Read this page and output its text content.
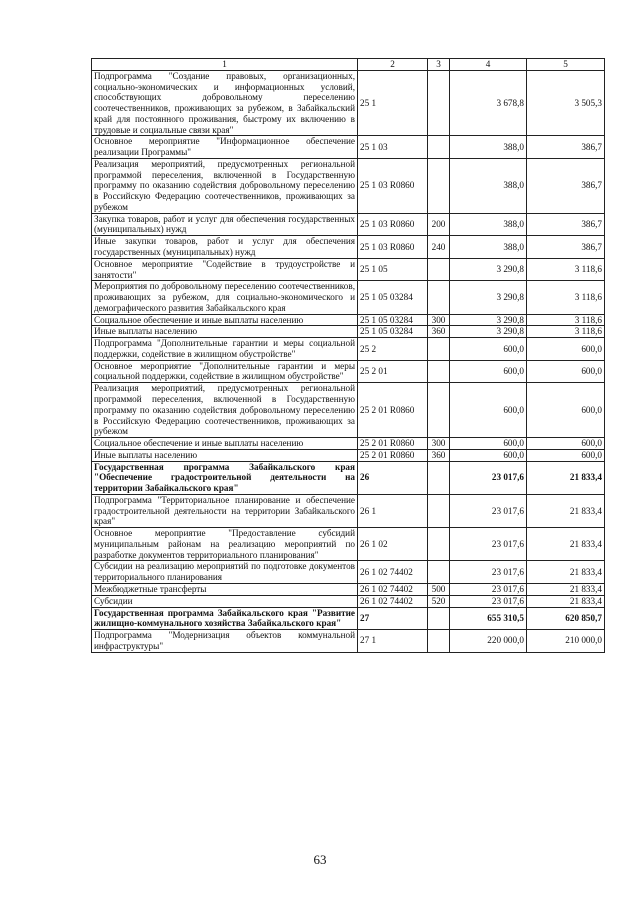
1	2	3	4	5
Подпрограмма "Создание правовых, организационных, социально-экономических и информационных условий, способствующих добровольному переселению соотечественников, проживающих за рубежом, в Забайкальский край для постоянного проживания, быстрому их включению в трудовые и социальные связи края"	25 1		3 678,8	3 505,3
Основное мероприятие "Информационное обеспечение реализации Программы"	25 1 03		388,0	386,7
Реализация мероприятий, предусмотренных региональной программой переселения, включенной в Государственную программу по оказанию содействия добровольному переселению в Российскую Федерацию соотечественников, проживающих за рубежом	25 1 03 R0860		388,0	386,7
Закупка товаров, работ и услуг для обеспечения государственных (муниципальных) нужд	25 1 03 R0860	200	388,0	386,7
Иные закупки товаров, работ и услуг для обеспечения государственных (муниципальных) нужд	25 1 03 R0860	240	388,0	386,7
Основное мероприятие "Содействие в трудоустройстве и занятости"	25 1 05		3 290,8	3 118,6
Мероприятия по добровольному переселению соотечественников, проживающих за рубежом, для социально-экономического и демографического развития Забайкальского края	25 1 05 03284		3 290,8	3 118,6
Социальное обеспечение и иные выплаты населению	25 1 05 03284	300	3 290,8	3 118,6
Иные выплаты населению	25 1 05 03284	360	3 290,8	3 118,6
Подпрограмма "Дополнительные гарантии и меры социальной поддержки, содействие в жилищном обустройстве"	25 2		600,0	600,0
Основное мероприятие "Дополнительные гарантии и меры социальной поддержки, содействие в жилищном обустройстве"	25 2 01		600,0	600,0
Реализация мероприятий, предусмотренных региональной программой переселения, включенной в Государственную программу по оказанию содействия добровольному переселению в Российскую Федерацию соотечественников, проживающих за рубежом	25 2 01 R0860		600,0	600,0
Социальное обеспечение и иные выплаты населению	25 2 01 R0860	300	600,0	600,0
Иные выплаты населению	25 2 01 R0860	360	600,0	600,0
Государственная программа Забайкальского края "Обеспечение градостроительной деятельности на территории Забайкальского края"	26		23 017,6	21 833,4
Подпрограмма "Территориальное планирование и обеспечение градостроительной деятельности на территории Забайкальского края"	26 1		23 017,6	21 833,4
Основное мероприятие "Предоставление субсидий муниципальным районам на реализацию мероприятий по разработке документов территориального планирования"	26 1 02		23 017,6	21 833,4
Субсидии на реализацию мероприятий по подготовке документов территориального планирования	26 1 02 74402		23 017,6	21 833,4
Межбюджетные трансферты	26 1 02 74402	500	23 017,6	21 833,4
Субсидии	26 1 02 74402	520	23 017,6	21 833,4
Государственная программа Забайкальского края "Развитие жилищно-коммунального хозяйства Забайкальского края"	27		655 310,5	620 850,7
Подпрограмма "Модернизация объектов коммунальной инфраструктуры"	27 1		220 000,0	210 000,0
63
